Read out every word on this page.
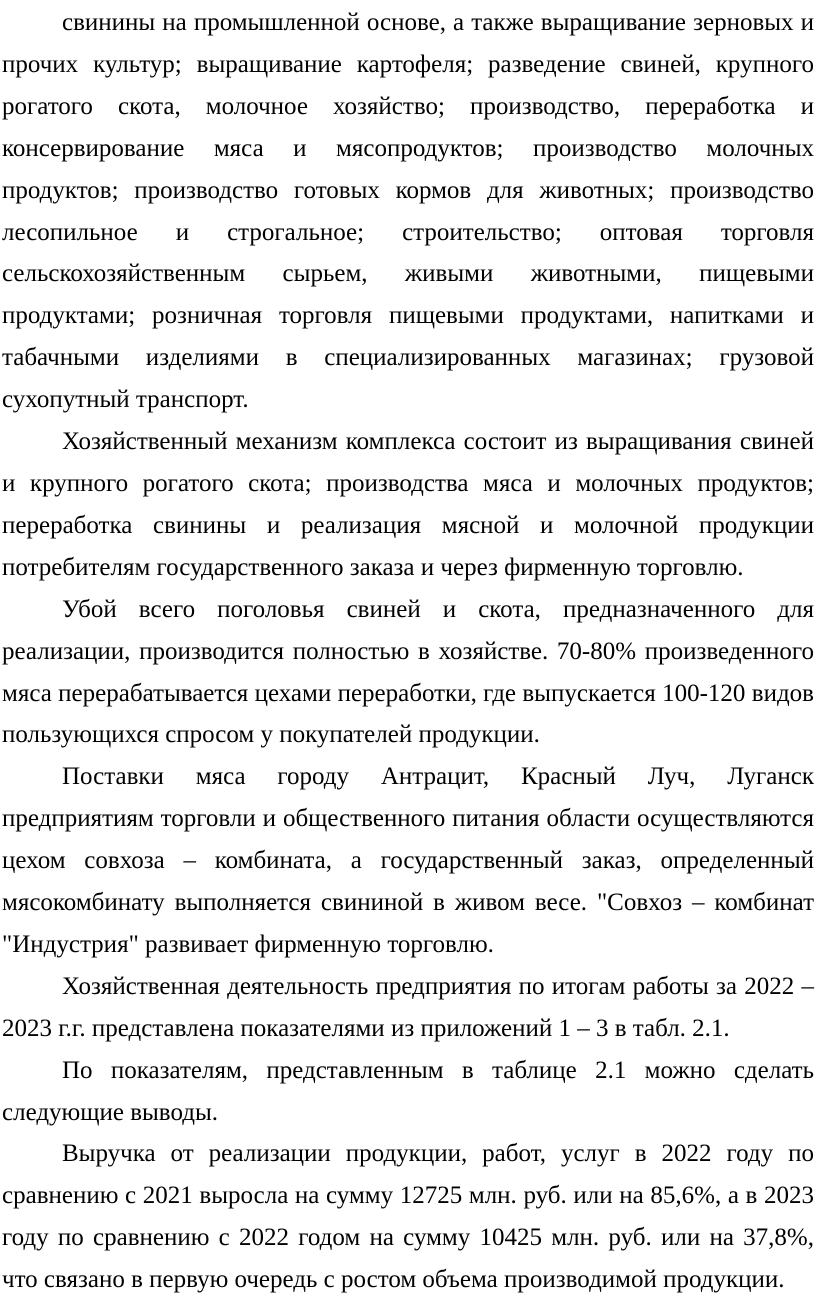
свинины на промышленной основе, а также выращивание зерновых и прочих культур; выращивание картофеля; разведение свиней, крупного рогатого скота, молочное хозяйство; производство, переработка и консервирование мяса и мясопродуктов; производство молочных продуктов; производство готовых кормов для животных; производство лесопильное и строгальное; строительство; оптовая торговля сельскохозяйственным сырьем, живыми животными, пищевыми продуктами; розничная торговля пищевыми продуктами, напитками и табачными изделиями в специализированных магазинах; грузовой сухопутный транспорт.

Хозяйственный механизм комплекса состоит из выращивания свиней и крупного рогатого скота; производства мяса и молочных продуктов; переработка свинины и реализация мясной и молочной продукции потребителям государственного заказа и через фирменную торговлю.

Убой всего поголовья свиней и скота, предназначенного для реализации, производится полностью в хозяйстве. 70-80% произведенного мяса перерабатывается цехами переработки, где выпускается 100-120 видов пользующихся спросом у покупателей продукции.

Поставки мяса городу Антрацит, Красный Луч, Луганск предприятиям торговли и общественного питания области осуществляются цехом совхоза – комбината, а государственный заказ, определенный мясокомбинату выполняется свининой в живом весе. "Совхоз – комбинат "Индустрия" развивает фирменную торговлю.

Хозяйственная деятельность предприятия по итогам работы за 2022 – 2023 г.г. представлена показателями из приложений 1 – 3 в табл. 2.1.

По показателям, представленным в таблице 2.1 можно сделать следующие выводы.

Выручка от реализации продукции, работ, услуг в 2022 году по сравнению с 2021 выросла на сумму 12725 млн. руб. или на 85,6%, а в 2023 году по сравнению с 2022 годом на сумму 10425 млн. руб. или на 37,8%, что связано в первую очередь с ростом объема производимой продукции.
